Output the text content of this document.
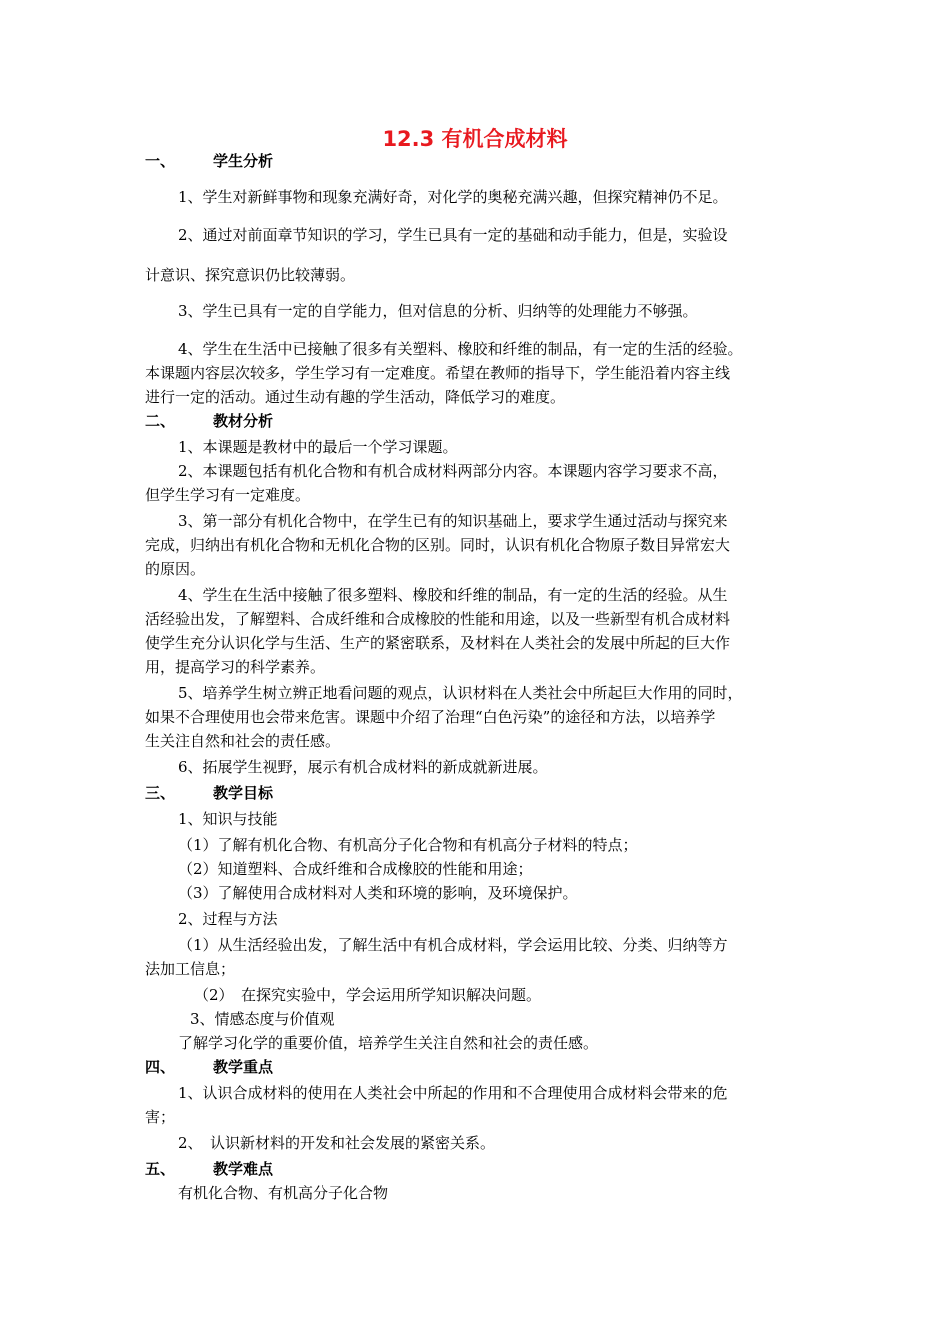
12.3 有机合成材料
一、	学生分析
1、学生对新鲜事物和现象充满好奇，对化学的奥秘充满兴趣，但探究精神仍不足。
2、通过对前面章节知识的学习，学生已具有一定的基础和动手能力，但是，实验设
计意识、探究意识仍比较薄弱。
3、学生已具有一定的自学能力，但对信息的分析、归纳等的处理能力不够强。
4、学生在生活中已接触了很多有关塑料、橡胶和纤维的制品，有一定的生活的经验。
本课题内容层次较多，学生学习有一定难度。希望在教师的指导下，学生能沿着内容主线
进行一定的活动。通过生动有趣的学生活动，降低学习的难度。
二、	教材分析
1、本课题是教材中的最后一个学习课题。
2、本课题包括有机化合物和有机合成材料两部分内容。本课题内容学习要求不高，
但学生学习有一定难度。
3、第一部分有机化合物中，在学生已有的知识基础上，要求学生通过活动与探究来
完成，归纳出有机化合物和无机化合物的区别。同时，认识有机化合物原子数目异常宏大
的原因。
4、学生在生活中接触了很多塑料、橡胶和纤维的制品，有一定的生活的经验。从生
活经验出发，了解塑料、合成纤维和合成橡胶的性能和用途，以及一些新型有机合成材料
使学生充分认识化学与生活、生产的紧密联系，及材料在人类社会的发展中所起的巨大作
用，提高学习的科学素养。
5、培养学生树立辨正地看问题的观点，认识材料在人类社会中所起巨大作用的同时，
如果不合理使用也会带来危害。课题中介绍了治理“白色污染”的途径和方法，以培养学
生关注自然和社会的责任感。
6、拓展学生视野，展示有机合成材料的新成就新进展。
三、	教学目标
1、知识与技能
（1）了解有机化合物、有机高分子化合物和有机高分子材料的特点；
（2）知道塑料、合成纤维和合成橡胶的性能和用途；
（3）了解使用合成材料对人类和环境的影响，及环境保护。
2、过程与方法
（1）从生活经验出发，了解生活中有机合成材料，学会运用比较、分类、归纳等方
法加工信息；
（2）　在探究实验中，学会运用所学知识解决问题。
3、情感态度与价值观
了解学习化学的重要价值，培养学生关注自然和社会的责任感。
四、	教学重点
1、认识合成材料的使用在人类社会中所起的作用和不合理使用合成材料会带来的危
害；
2、　认识新材料的开发和社会发展的紧密关系。
五、	教学难点
有机化合物、有机高分子化合物
